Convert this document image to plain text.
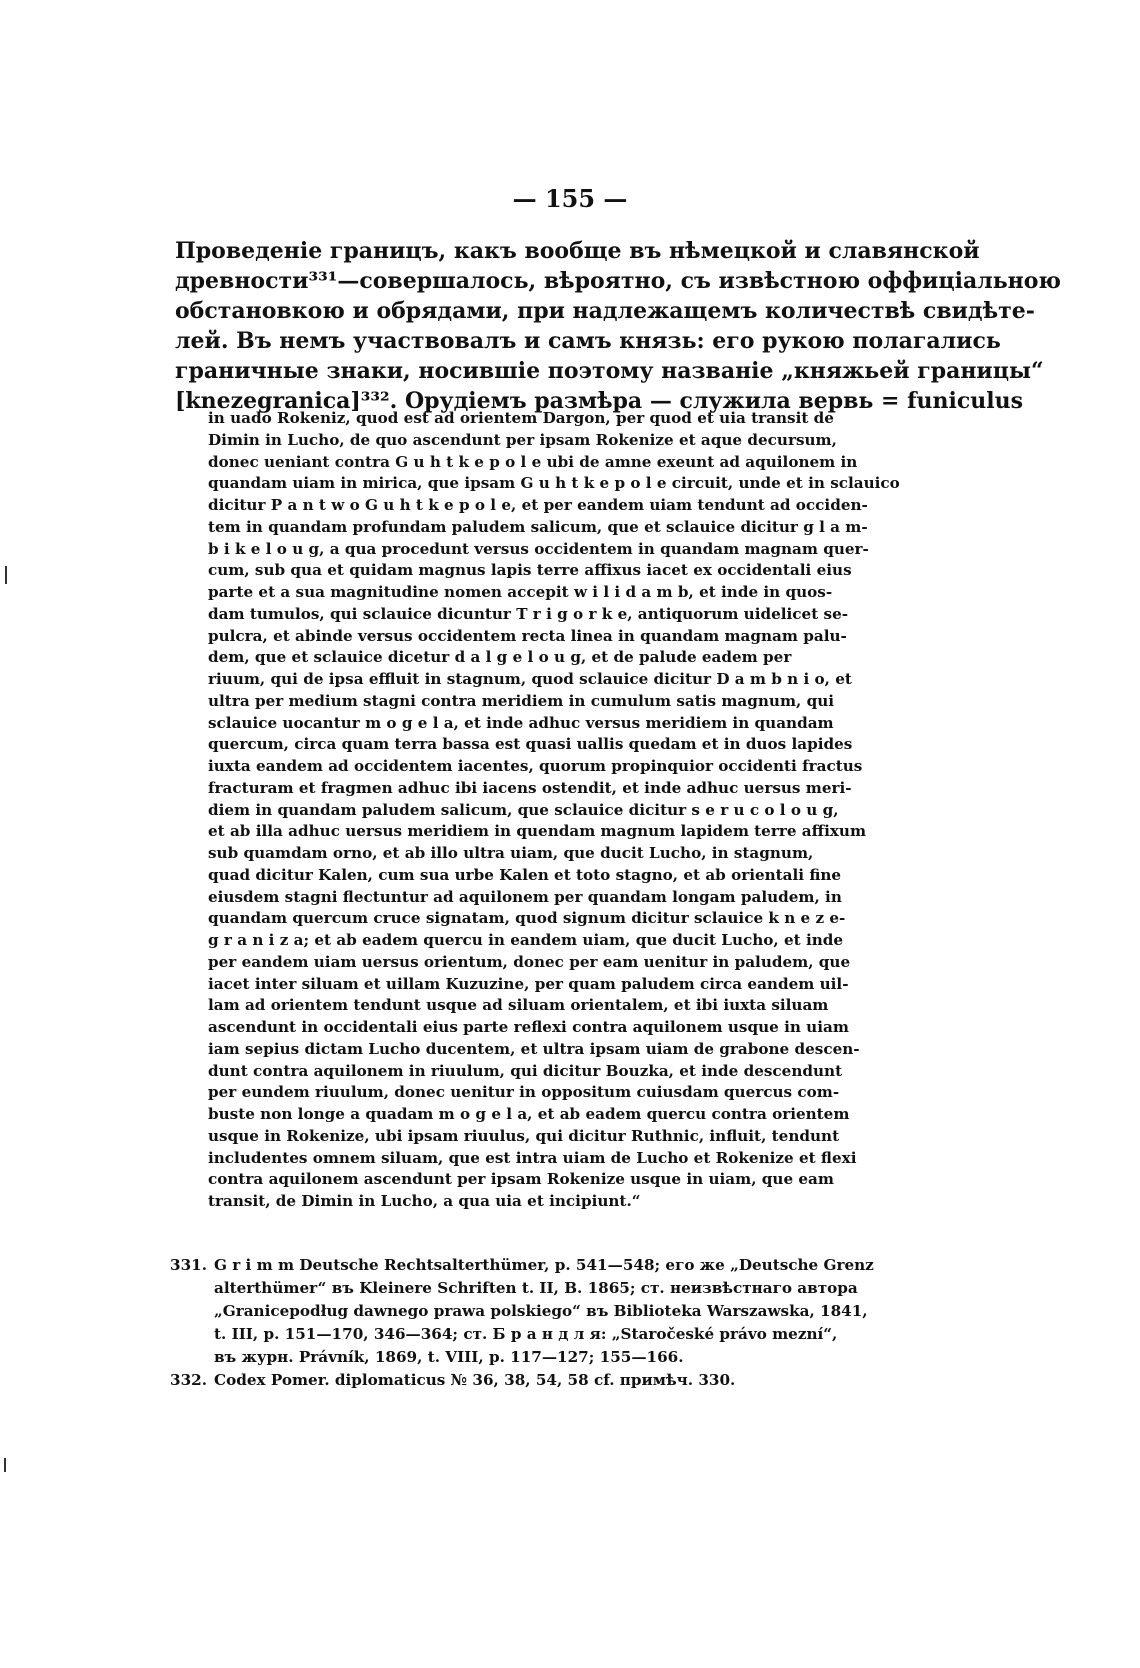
— 155 —
Проведеніе границъ, какъ вообще въ нѣмецкой и славянской
древности³³¹—совершалось, вѣроятно, съ извѣстною оффиціальною
обстановкою и обрядами, при надлежащемъ количествѣ свидѣте-
лей. Въ немъ участвовалъ и самъ князь: его рукою полагались
граничные знаки, носившіе поэтому названіе „княжьей границы“
[knezegranica]³³². Орудіемъ размѣра — служила вервь = funiculus
in uado Rokeniz, quod est ad orientem Dargon, per quod et uia transit de
Dimin in Lucho, de quo ascendunt per ipsam Rokenize et aque decursum,
donec ueniant contra G u h t k e p o l e ubi de amne exeunt ad aquilonem in
quandam uiam in mirica, que ipsam G u h t k e p o l e circuit, unde et in sclauico
dicitur P a n t w o G u h t k e p o l e, et per eandem uiam tendunt ad occiden-
tem in quandam profundam paludem salicum, que et sclauice dicitur g l a m-
b i k e l o u g, a qua procedunt versus occidentem in quandam magnam quer-
cum, sub qua et quidam magnus lapis terre affixus iacet ex occidentali eius
parte et a sua magnitudine nomen accepit w i l i d a m b, et inde in quos-
dam tumulos, qui sclauice dicuntur T r i g o r k e, antiquorum uidelicet se-
pulcra, et abinde versus occidentem recta linea in quandam magnam palu-
dem, que et sclauice dicetur d a l g e l o u g, et de palude eadem per
riuum, qui de ipsa effluit in stagnum, quod sclauice dicitur D a m b n i o, et
ultra per medium stagni contra meridiem in cumulum satis magnum, qui
sclauice uocantur m o g e l a, et inde adhuc versus meridiem in quandam
quercum, circa quam terra bassa est quasi uallis quedam et in duos lapides
iuxta eandem ad occidentem iacentes, quorum propinquior occidenti fractus
fracturam et fragmen adhuc ibi iacens ostendit, et inde adhuc uersus meri-
diem in quandam paludem salicum, que sclauice dicitur s e r u c o l o u g,
et ab illa adhuc uersus meridiem in quendam magnum lapidem terre affixum
sub quamdam orno, et ab illo ultra uiam, que ducit Lucho, in stagnum,
quad dicitur Kalen, cum sua urbe Kalen et toto stagno, et ab orientali fine
eiusdem stagni flectuntur ad aquilonem per quandam longam paludem, in
quandam quercum cruce signatam, quod signum dicitur sclauice k n e z e-
g r a n i z a; et ab eadem quercu in eandem uiam, que ducit Lucho, et inde
per eandem uiam uersus orientum, donec per eam uenitur in paludem, que
iacet inter siluam et uillam Kuzuzine, per quam paludem circa eandem uil-
lam ad orientem tendunt usque ad siluam orientalem, et ibi iuxta siluam
ascendunt in occidentali eius parte reflexi contra aquilonem usque in uiam
iam sepius dictam Lucho ducentem, et ultra ipsam uiam de grabone descen-
dunt contra aquilonem in riuulum, qui dicitur Bouzka, et inde descendunt
per eundem riuulum, donec uenitur in oppositum cuiusdam quercus com-
buste non longe a quadam m o g e l a, et ab eadem quercu contra orientem
usque in Rokenize, ubi ipsam riuulus, qui dicitur Ruthnic, influit, tendunt
includentes omnem siluam, que est intra uiam de Lucho et Rokenize et flexi
contra aquilonem ascendunt per ipsam Rokenize usque in uiam, que eam
transit, de Dimin in Lucho, a qua uia et incipiunt.“
331. G r i m m Deutsche Rechtsalterthümer, p. 541—548; его же „Deutsche Grenz
alterthümer“ въ Kleinere Schriften t. II, B. 1865; ст. неизвѣстнаго автора
„Granicepodług dawnego prawa polskiego“ въ Biblioteka Warszawska, 1841,
t. III, p. 151—170, 346—364; ст. Б р а н д л я: „Staročeské právo mezní“,
въ журн. Právník, 1869, t. VIII, p. 117—127; 155—166.
332. Codex Pomer. diplomaticus № 36, 38, 54, 58 cf. примѣч. 330.
